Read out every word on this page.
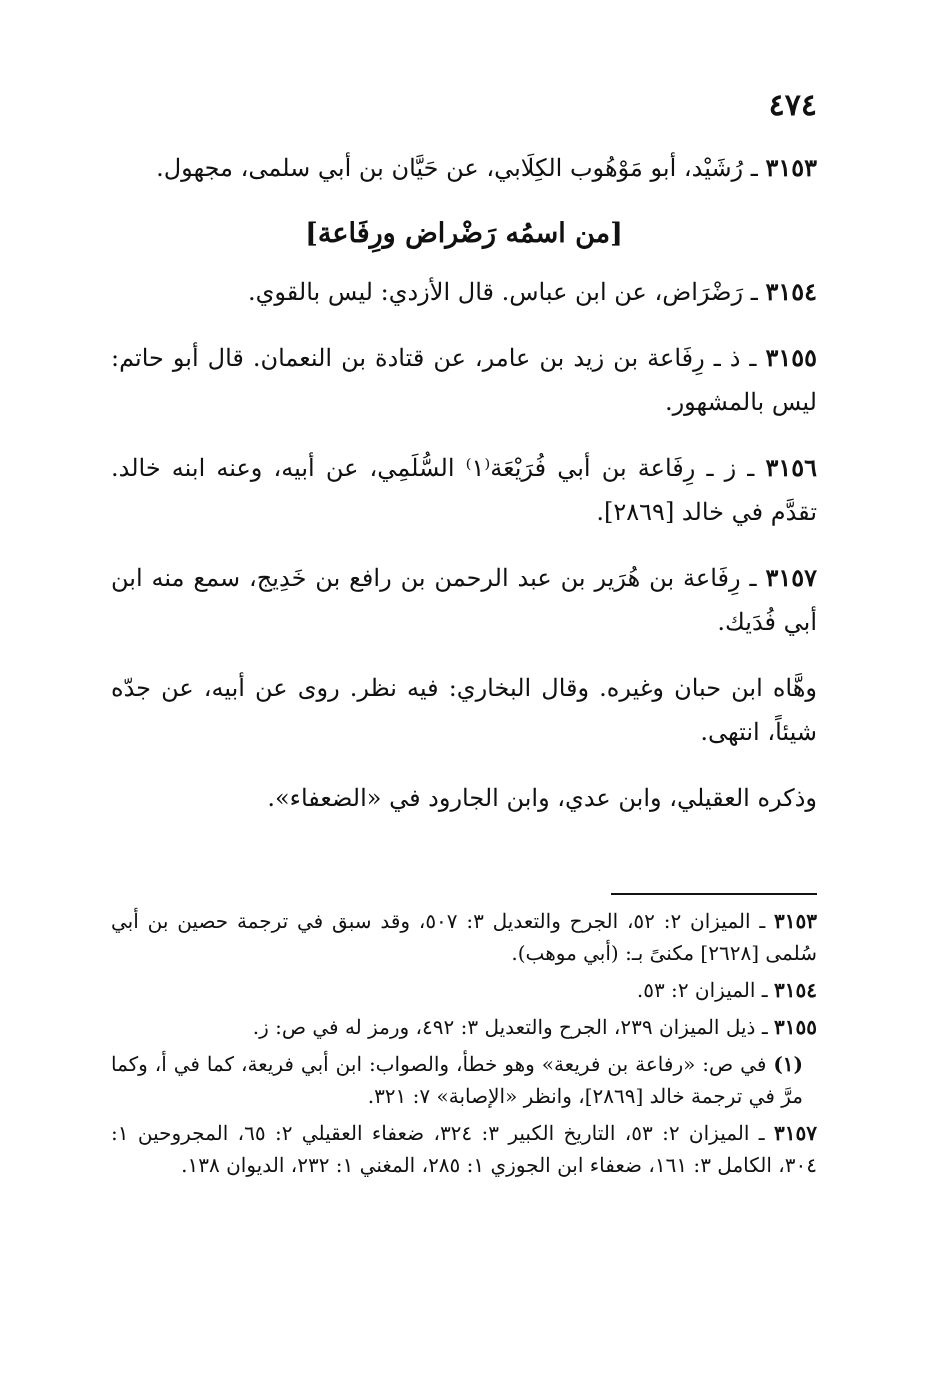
٤٧٤

٣١٥٣ ـ رُشَيْد، أبو مَوْهُوب الكِلَابي، عن حَيَّان بن أبي سلمى، مجهول.

[من اسمُه رَضْراض ورِفَاعة]

٣١٥٤ ـ رَضْرَاض، عن ابن عباس. قال الأزدي: ليس بالقوي.

٣١٥٥ ـ ذ ـ رِفَاعة بن زيد بن عامر، عن قتادة بن النعمان. قال أبو حاتم: ليس بالمشهور.

٣١٥٦ ـ ز ـ رِفَاعة بن أبي فُرَيْعَة⁽١⁾ السُّلَمِي، عن أبيه، وعنه ابنه خالد. تقدَّم في خالد [٢٨٦٩].

٣١٥٧ ـ رِفَاعة بن هُرَير بن عبد الرحمن بن رافع بن خَدِيج، سمع منه ابن أبي فُدَيك.

وهَّاه ابن حبان وغيره. وقال البخاري: فيه نظر. روى عن أبيه، عن جدّه شيئاً، انتهى.

وذكره العقيلي، وابن عدي، وابن الجارود في «الضعفاء».

٣١٥٣ ـ الميزان ٢: ٥٢، الجرح والتعديل ٣: ٥٠٧، وقد سبق في ترجمة حصين بن أبي سُلمى [٢٦٢٨] مكنىً بـ: (أبي موهب).

٣١٥٤ ـ الميزان ٢: ٥٣.

٣١٥٥ ـ ذيل الميزان ٢٣٩، الجرح والتعديل ٣: ٤٩٢، ورمز له في ص: ز.

(١) في ص: «رفاعة بن فريعة» وهو خطأ، والصواب: ابن أبي فريعة، كما في أ، وكما مرَّ في ترجمة خالد [٢٨٦٩]، وانظر «الإصابة» ٧: ٣٢١.

٣١٥٧ ـ الميزان ٢: ٥٣، التاريخ الكبير ٣: ٣٢٤، ضعفاء العقيلي ٢: ٦٥، المجروحين ١: ٣٠٤، الكامل ٣: ١٦١، ضعفاء ابن الجوزي ١: ٢٨٥، المغني ١: ٢٣٢، الديوان ١٣٨.
